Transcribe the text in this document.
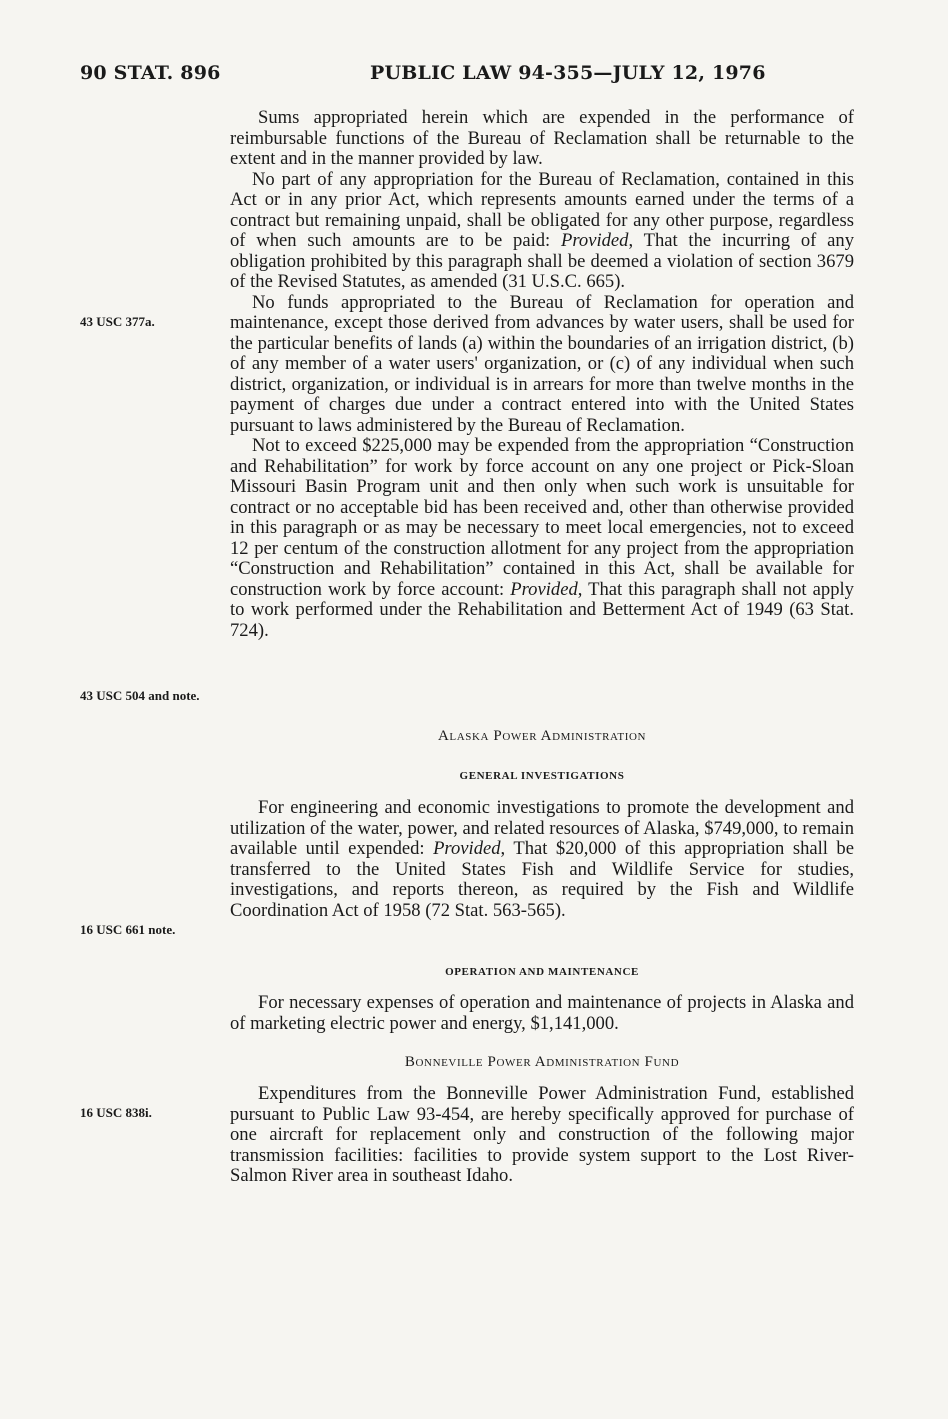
90 STAT. 896	PUBLIC LAW 94-355—JULY 12, 1976
43 USC 377a.
43 USC 504 and note.
16 USC 661 note.
16 USC 838i.

Sums appropriated herein which are expended in the performance of reimbursable functions of the Bureau of Reclamation shall be returnable to the extent and in the manner provided by law.

No part of any appropriation for the Bureau of Reclamation, contained in this Act or in any prior Act, which represents amounts earned under the terms of a contract but remaining unpaid, shall be obligated for any other purpose, regardless of when such amounts are to be paid: Provided, That the incurring of any obligation prohibited by this paragraph shall be deemed a violation of section 3679 of the Revised Statutes, as amended (31 U.S.C. 665).

No funds appropriated to the Bureau of Reclamation for operation and maintenance, except those derived from advances by water users, shall be used for the particular benefits of lands (a) within the boundaries of an irrigation district, (b) of any member of a water users' organization, or (c) of any individual when such district, organization, or individual is in arrears for more than twelve months in the payment of charges due under a contract entered into with the United States pursuant to laws administered by the Bureau of Reclamation.

Not to exceed $225,000 may be expended from the appropriation “Construction and Rehabilitation” for work by force account on any one project or Pick-Sloan Missouri Basin Program unit and then only when such work is unsuitable for contract or no acceptable bid has been received and, other than otherwise provided in this paragraph or as may be necessary to meet local emergencies, not to exceed 12 per centum of the construction allotment for any project from the appropriation “Construction and Rehabilitation” contained in this Act, shall be available for construction work by force account: Provided, That this paragraph shall not apply to work performed under the Rehabilitation and Betterment Act of 1949 (63 Stat. 724).

Alaska Power Administration
GENERAL INVESTIGATIONS

For engineering and economic investigations to promote the development and utilization of the water, power, and related resources of Alaska, $749,000, to remain available until expended: Provided, That $20,000 of this appropriation shall be transferred to the United States Fish and Wildlife Service for studies, investigations, and reports thereon, as required by the Fish and Wildlife Coordination Act of 1958 (72 Stat. 563-565).

OPERATION AND MAINTENANCE

For necessary expenses of operation and maintenance of projects in Alaska and of marketing electric power and energy, $1,141,000.

Bonneville Power Administration Fund

Expenditures from the Bonneville Power Administration Fund, established pursuant to Public Law 93-454, are hereby specifically approved for purchase of one aircraft for replacement only and construction of the following major transmission facilities: facilities to provide system support to the Lost River-Salmon River area in southeast Idaho.
